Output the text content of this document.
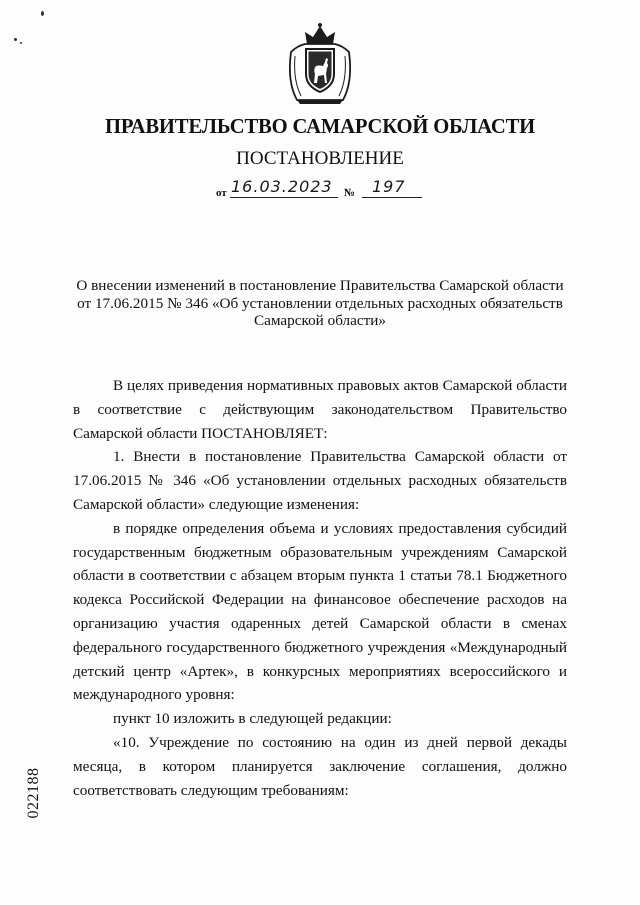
ПРАВИТЕЛЬСТВО САМАРСКОЙ ОБЛАСТИ
ПОСТАНОВЛЕНИЕ
от 16.03.2023 № 197
О внесении изменений в постановление Правительства Самарской области
от 17.06.2015 № 346 «Об установлении отдельных расходных обязательств
Самарской области»

В целях приведения нормативных правовых актов Самарской области в соответствие с действующим законодательством Правительство Самарской области ПОСТАНОВЛЯЕТ:

1. Внести в постановление Правительства Самарской области от 17.06.2015 № 346 «Об установлении отдельных расходных обязательств Самарской области» следующие изменения:

в порядке определения объема и условиях предоставления субсидий государственным бюджетным образовательным учреждениям Самарской области в соответствии с абзацем вторым пункта 1 статьи 78.1 Бюджетного кодекса Российской Федерации на финансовое обеспечение расходов на организацию участия одаренных детей Самарской области в сменах федерального государственного бюджетного учреждения «Международный детский центр «Артек», в конкурсных мероприятиях всероссийского и международного уровня:

пункт 10 изложить в следующей редакции:

«10. Учреждение по состоянию на один из дней первой декады месяца, в котором планируется заключение соглашения, должно соответствовать следующим требованиям:

022188
